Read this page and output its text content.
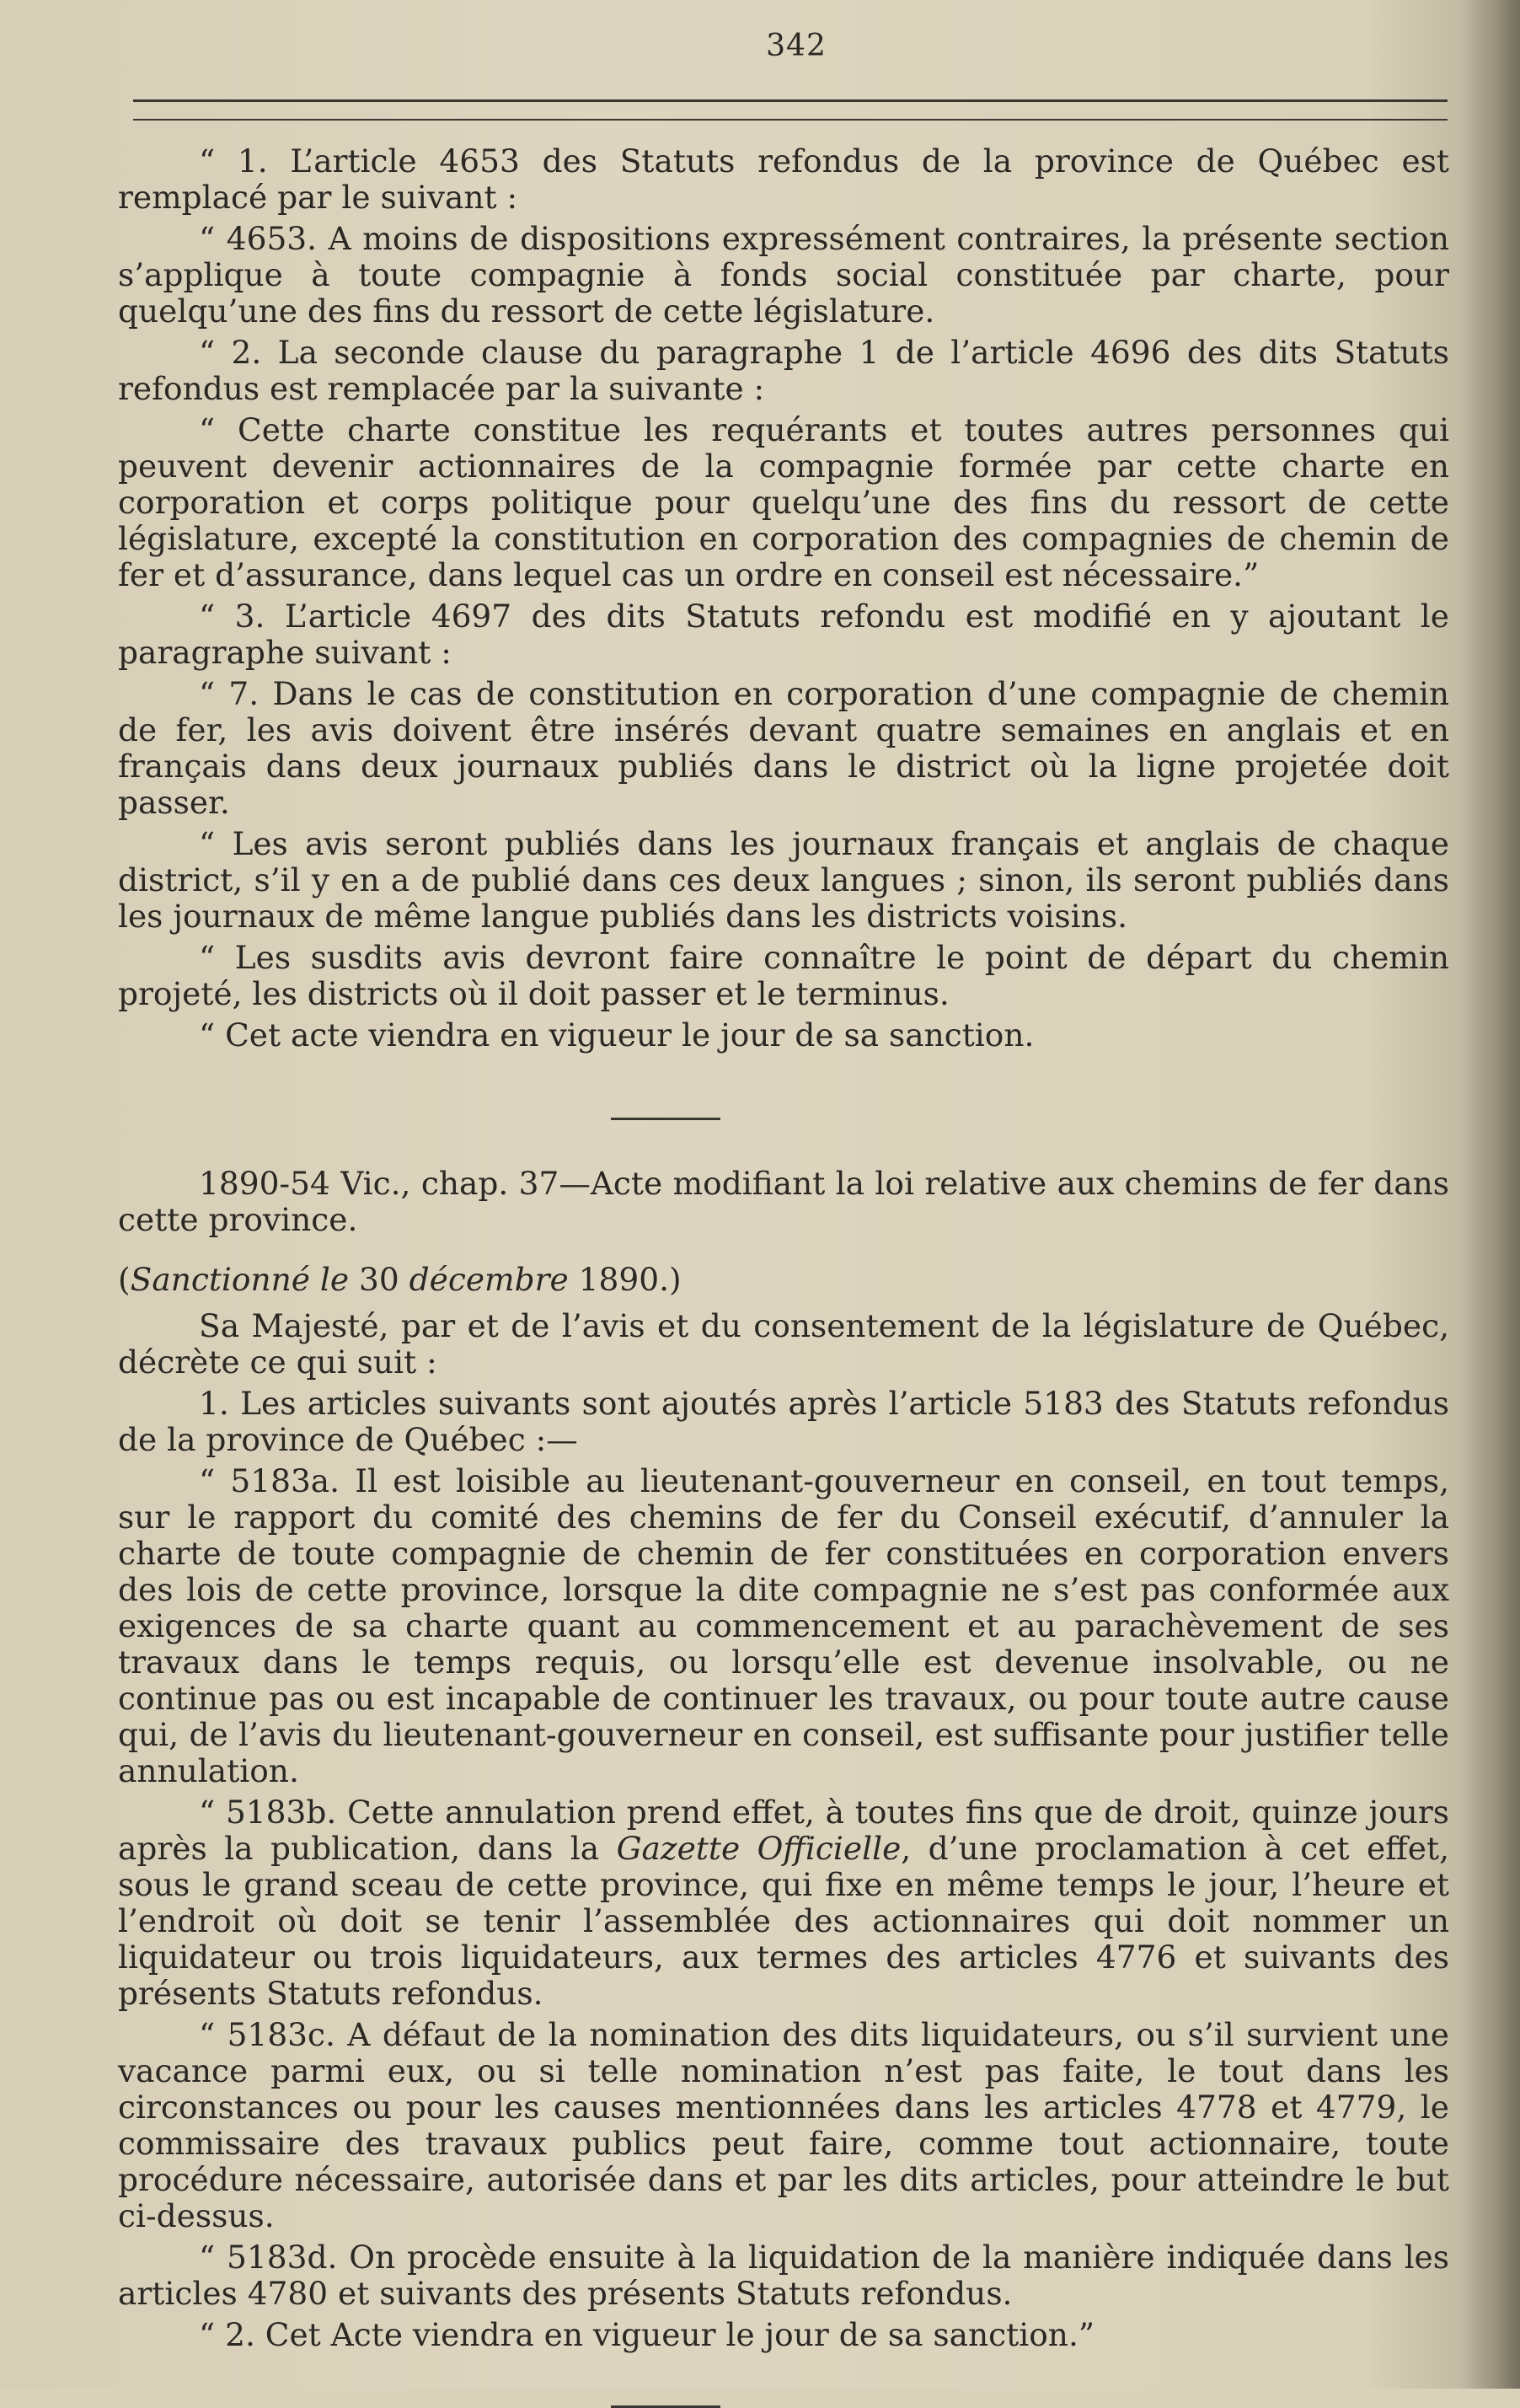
342

“ 1. L’article 4653 des Statuts refondus de la province de Québec est remplacé par le suivant :

“ 4653. A moins de dispositions expressément contraires, la présente section s’applique à toute compagnie à fonds social constituée par charte, pour quelqu’une des fins du ressort de cette législature.

“ 2. La seconde clause du paragraphe 1 de l’article 4696 des dits Statuts refondus est remplacée par la suivante :

“ Cette charte constitue les requérants et toutes autres personnes qui peuvent devenir actionnaires de la compagnie formée par cette charte en corporation et corps politique pour quelqu’une des fins du ressort de cette législature, excepté la constitution en corporation des compagnies de chemin de fer et d’assurance, dans lequel cas un ordre en conseil est nécessaire.”

“ 3. L’article 4697 des dits Statuts refondu est modifié en y ajoutant le paragraphe suivant :

“ 7. Dans le cas de constitution en corporation d’une compagnie de chemin de fer, les avis doivent être insérés devant quatre semaines en anglais et en français dans deux journaux publiés dans le district où la ligne projetée doit passer.

“ Les avis seront publiés dans les journaux français et anglais de chaque district, s’il y en a de publié dans ces deux langues ; sinon, ils seront publiés dans les journaux de même langue publiés dans les districts voisins.

“ Les susdits avis devront faire connaître le point de départ du chemin projeté, les districts où il doit passer et le terminus.

“ Cet acte viendra en vigueur le jour de sa sanction.

1890-54 Vic., chap. 37—Acte modifiant la loi relative aux chemins de fer dans cette province.

(Sanctionné le 30 décembre 1890.)

Sa Majesté, par et de l’avis et du consentement de la législature de Québec, décrète ce qui suit :

1. Les articles suivants sont ajoutés après l’article 5183 des Statuts refondus de la province de Québec :—

“ 5183a. Il est loisible au lieutenant-gouverneur en conseil, en tout temps, sur le rapport du comité des chemins de fer du Conseil exécutif, d’annuler la charte de toute compagnie de chemin de fer constituées en corporation envers des lois de cette province, lorsque la dite compagnie ne s’est pas conformée aux exigences de sa charte quant au commencement et au parachèvement de ses travaux dans le temps requis, ou lorsqu’elle est devenue insolvable, ou ne continue pas ou est incapable de continuer les travaux, ou pour toute autre cause qui, de l’avis du lieutenant-gouverneur en conseil, est suffisante pour justifier telle annulation.

“ 5183b. Cette annulation prend effet, à toutes fins que de droit, quinze jours après la publication, dans la Gazette Officielle, d’une proclamation à cet effet, sous le grand sceau de cette province, qui fixe en même temps le jour, l’heure et l’endroit où doit se tenir l’assemblée des actionnaires qui doit nommer un liquidateur ou trois liquidateurs, aux termes des articles 4776 et suivants des présents Statuts refondus.

“ 5183c. A défaut de la nomination des dits liquidateurs, ou s’il survient une vacance parmi eux, ou si telle nomination n’est pas faite, le tout dans les circonstances ou pour les causes mentionnées dans les articles 4778 et 4779, le commissaire des travaux publics peut faire, comme tout actionnaire, toute procédure nécessaire, autorisée dans et par les dits articles, pour atteindre le but ci-dessus.

“ 5183d. On procède ensuite à la liquidation de la manière indiquée dans les articles 4780 et suivants des présents Statuts refondus.

“ 2. Cet Acte viendra en vigueur le jour de sa sanction.”
